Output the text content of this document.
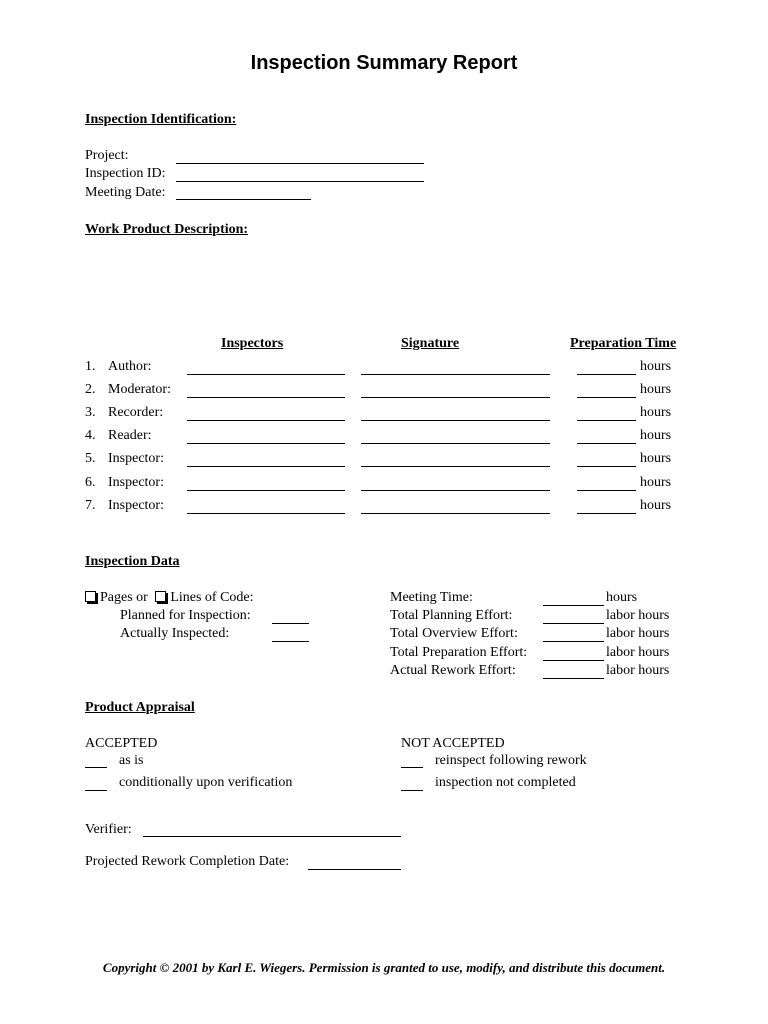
Inspection Summary Report
Inspection Identification:
Project:
Inspection ID:
Meeting Date:
Work Product Description:
Inspectors	Signature	Preparation Time
1. Author:	hours
2. Moderator:	hours
3. Recorder:	hours
4. Reader:	hours
5. Inspector:	hours
6. Inspector:	hours
7. Inspector:	hours
Inspection Data
Pages or Lines of Code:
Planned for Inspection:
Actually Inspected:
Meeting Time:	hours
Total Planning Effort:	labor hours
Total Overview Effort:	labor hours
Total Preparation Effort:	labor hours
Actual Rework Effort:	labor hours
Product Appraisal
ACCEPTED
as is
conditionally upon verification
NOT ACCEPTED
reinspect following rework
inspection not completed
Verifier:
Projected Rework Completion Date:
Copyright © 2001 by Karl E. Wiegers. Permission is granted to use, modify, and distribute this document.
